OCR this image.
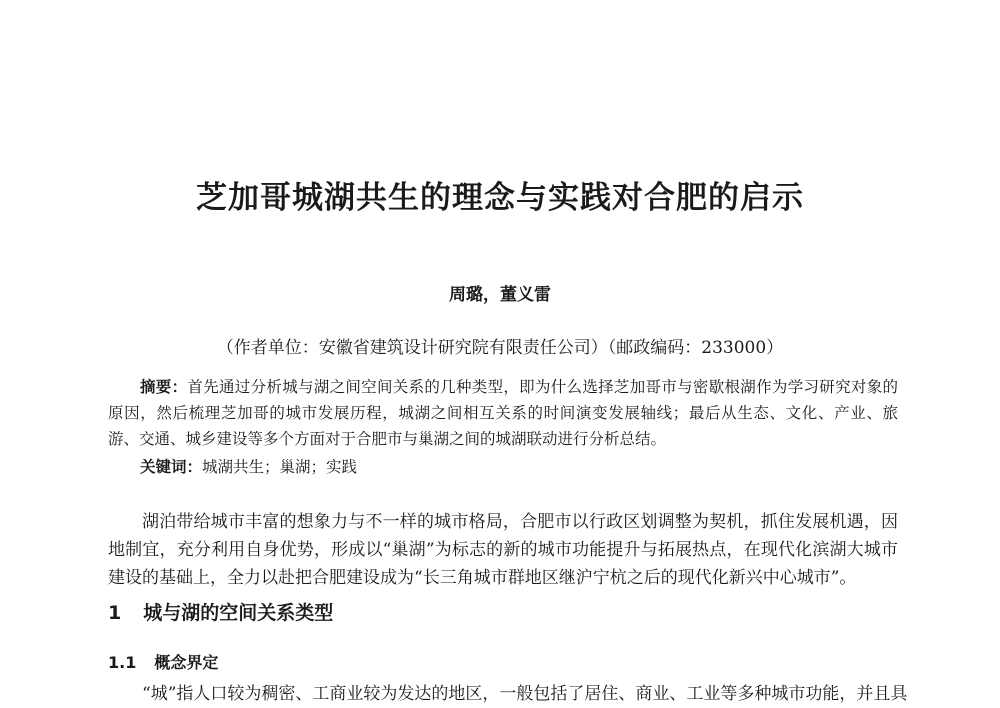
芝加哥城湖共生的理念与实践对合肥的启示
周璐，董义雷
（作者单位：安徽省建筑设计研究院有限责任公司）（邮政编码：233000）

摘要：首先通过分析城与湖之间空间关系的几种类型，即为什么选择芝加哥市与密歇根湖作为学习研究对象的原因，然后梳理芝加哥的城市发展历程，城湖之间相互关系的时间演变发展轴线；最后从生态、文化、产业、旅游、交通、城乡建设等多个方面对于合肥市与巢湖之间的城湖联动进行分析总结。

关键词：城湖共生；巢湖；实践

湖泊带给城市丰富的想象力与不一样的城市格局，合肥市以行政区划调整为契机，抓住发展机遇，因地制宜，充分利用自身优势，形成以“巢湖”为标志的新的城市功能提升与拓展热点，在现代化滨湖大城市建设的基础上，全力以赴把合肥建设成为“长三角城市群地区继沪宁杭之后的现代化新兴中心城市”。

1 城与湖的空间关系类型
1.1 概念界定

“城”指人口较为稠密、工商业较为发达的地区，一般包括了居住、商业、工业等多种城市功能，并且具
